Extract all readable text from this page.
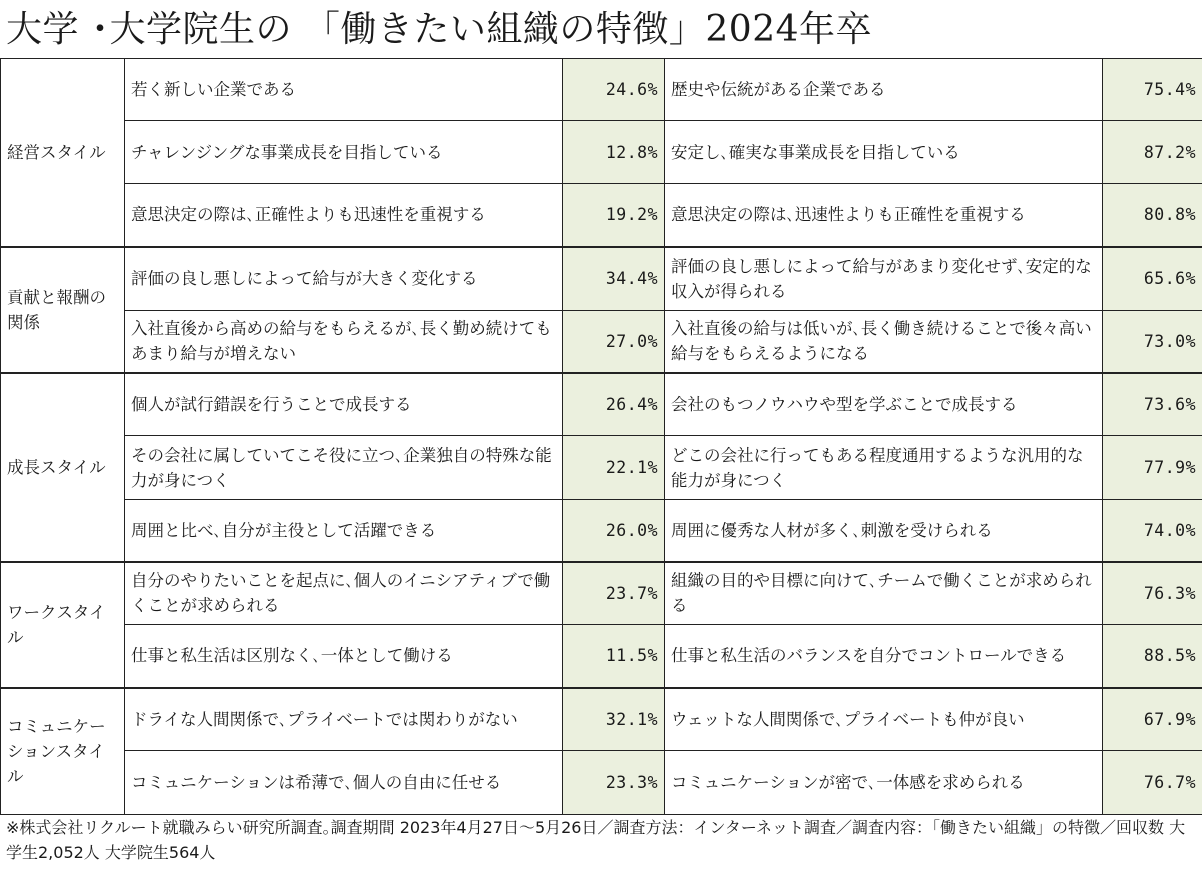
大学 ･大学院生の 「働きたい組織の特徴」2024年卒
経営スタイル	若く新しい企業である	24.6%	歴史や伝統がある企業である	75.4%
	チャレンジングな事業成長を目指している	12.8%	安定し､確実な事業成長を目指している	87.2%
	意思決定の際は､正確性よりも迅速性を重視する	19.2%	意思決定の際は､迅速性よりも正確性を重視する	80.8%
貢献と報酬の関係	評価の良し悪しによって給与が大きく変化する	34.4%	評価の良し悪しによって給与があまり変化せず､安定的な収入が得られる	65.6%
	入社直後から高めの給与をもらえるが､長く勤め続けてもあまり給与が増えない	27.0%	入社直後の給与は低いが､長く働き続けることで後々高い給与をもらえるようになる	73.0%
成長スタイル	個人が試行錯誤を行うことで成長する	26.4%	会社のもつノウハウや型を学ぶことで成長する	73.6%
	その会社に属していてこそ役に立つ､企業独自の特殊な能力が身につく	22.1%	どこの会社に行ってもある程度通用するような汎用的な能力が身につく	77.9%
	周囲と比べ､自分が主役として活躍できる	26.0%	周囲に優秀な人材が多く､刺激を受けられる	74.0%
ワークスタイル	自分のやりたいことを起点に､個人のイニシアティブで働くことが求められる	23.7%	組織の目的や目標に向けて､チームで働くことが求められる	76.3%
	仕事と私生活は区別なく､一体として働ける	11.5%	仕事と私生活のバランスを自分でコントロールできる	88.5%
コミュニケーションスタイル	ドライな人間関係で､プライベートでは関わりがない	32.1%	ウェットな人間関係で､プライベートも仲が良い	67.9%
	コミュニケーションは希薄で､個人の自由に任せる	23.3%	コミュニケーションが密で､一体感を求められる	76.7%
※株式会社リクルート就職みらい研究所調査｡調査期間 2023年4月27日～5月26日／調査方法：インターネット調査／調査内容：「働きたい組織」の特徴／回収数 大学生2,052人 大学院生564人
